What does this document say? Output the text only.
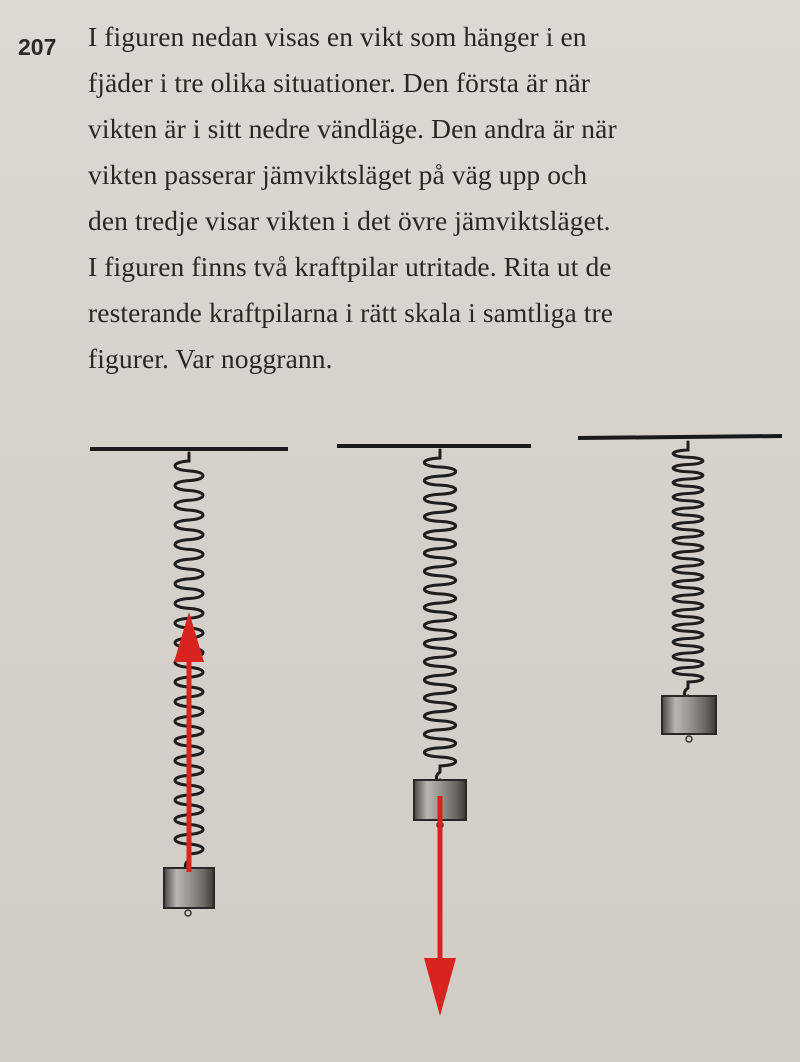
207 I figuren nedan visas en vikt som hänger i en
fjäder i tre olika situationer. Den första är när
vikten är i sitt nedre vändläge. Den andra är när
vikten passerar jämviktsläget på väg upp och
den tredje visar vikten i det övre jämviktsläget.
I figuren finns två kraftpilar utritade. Rita ut de
resterande kraftpilarna i rätt skala i samtliga tre
figurer. Var noggrann.
